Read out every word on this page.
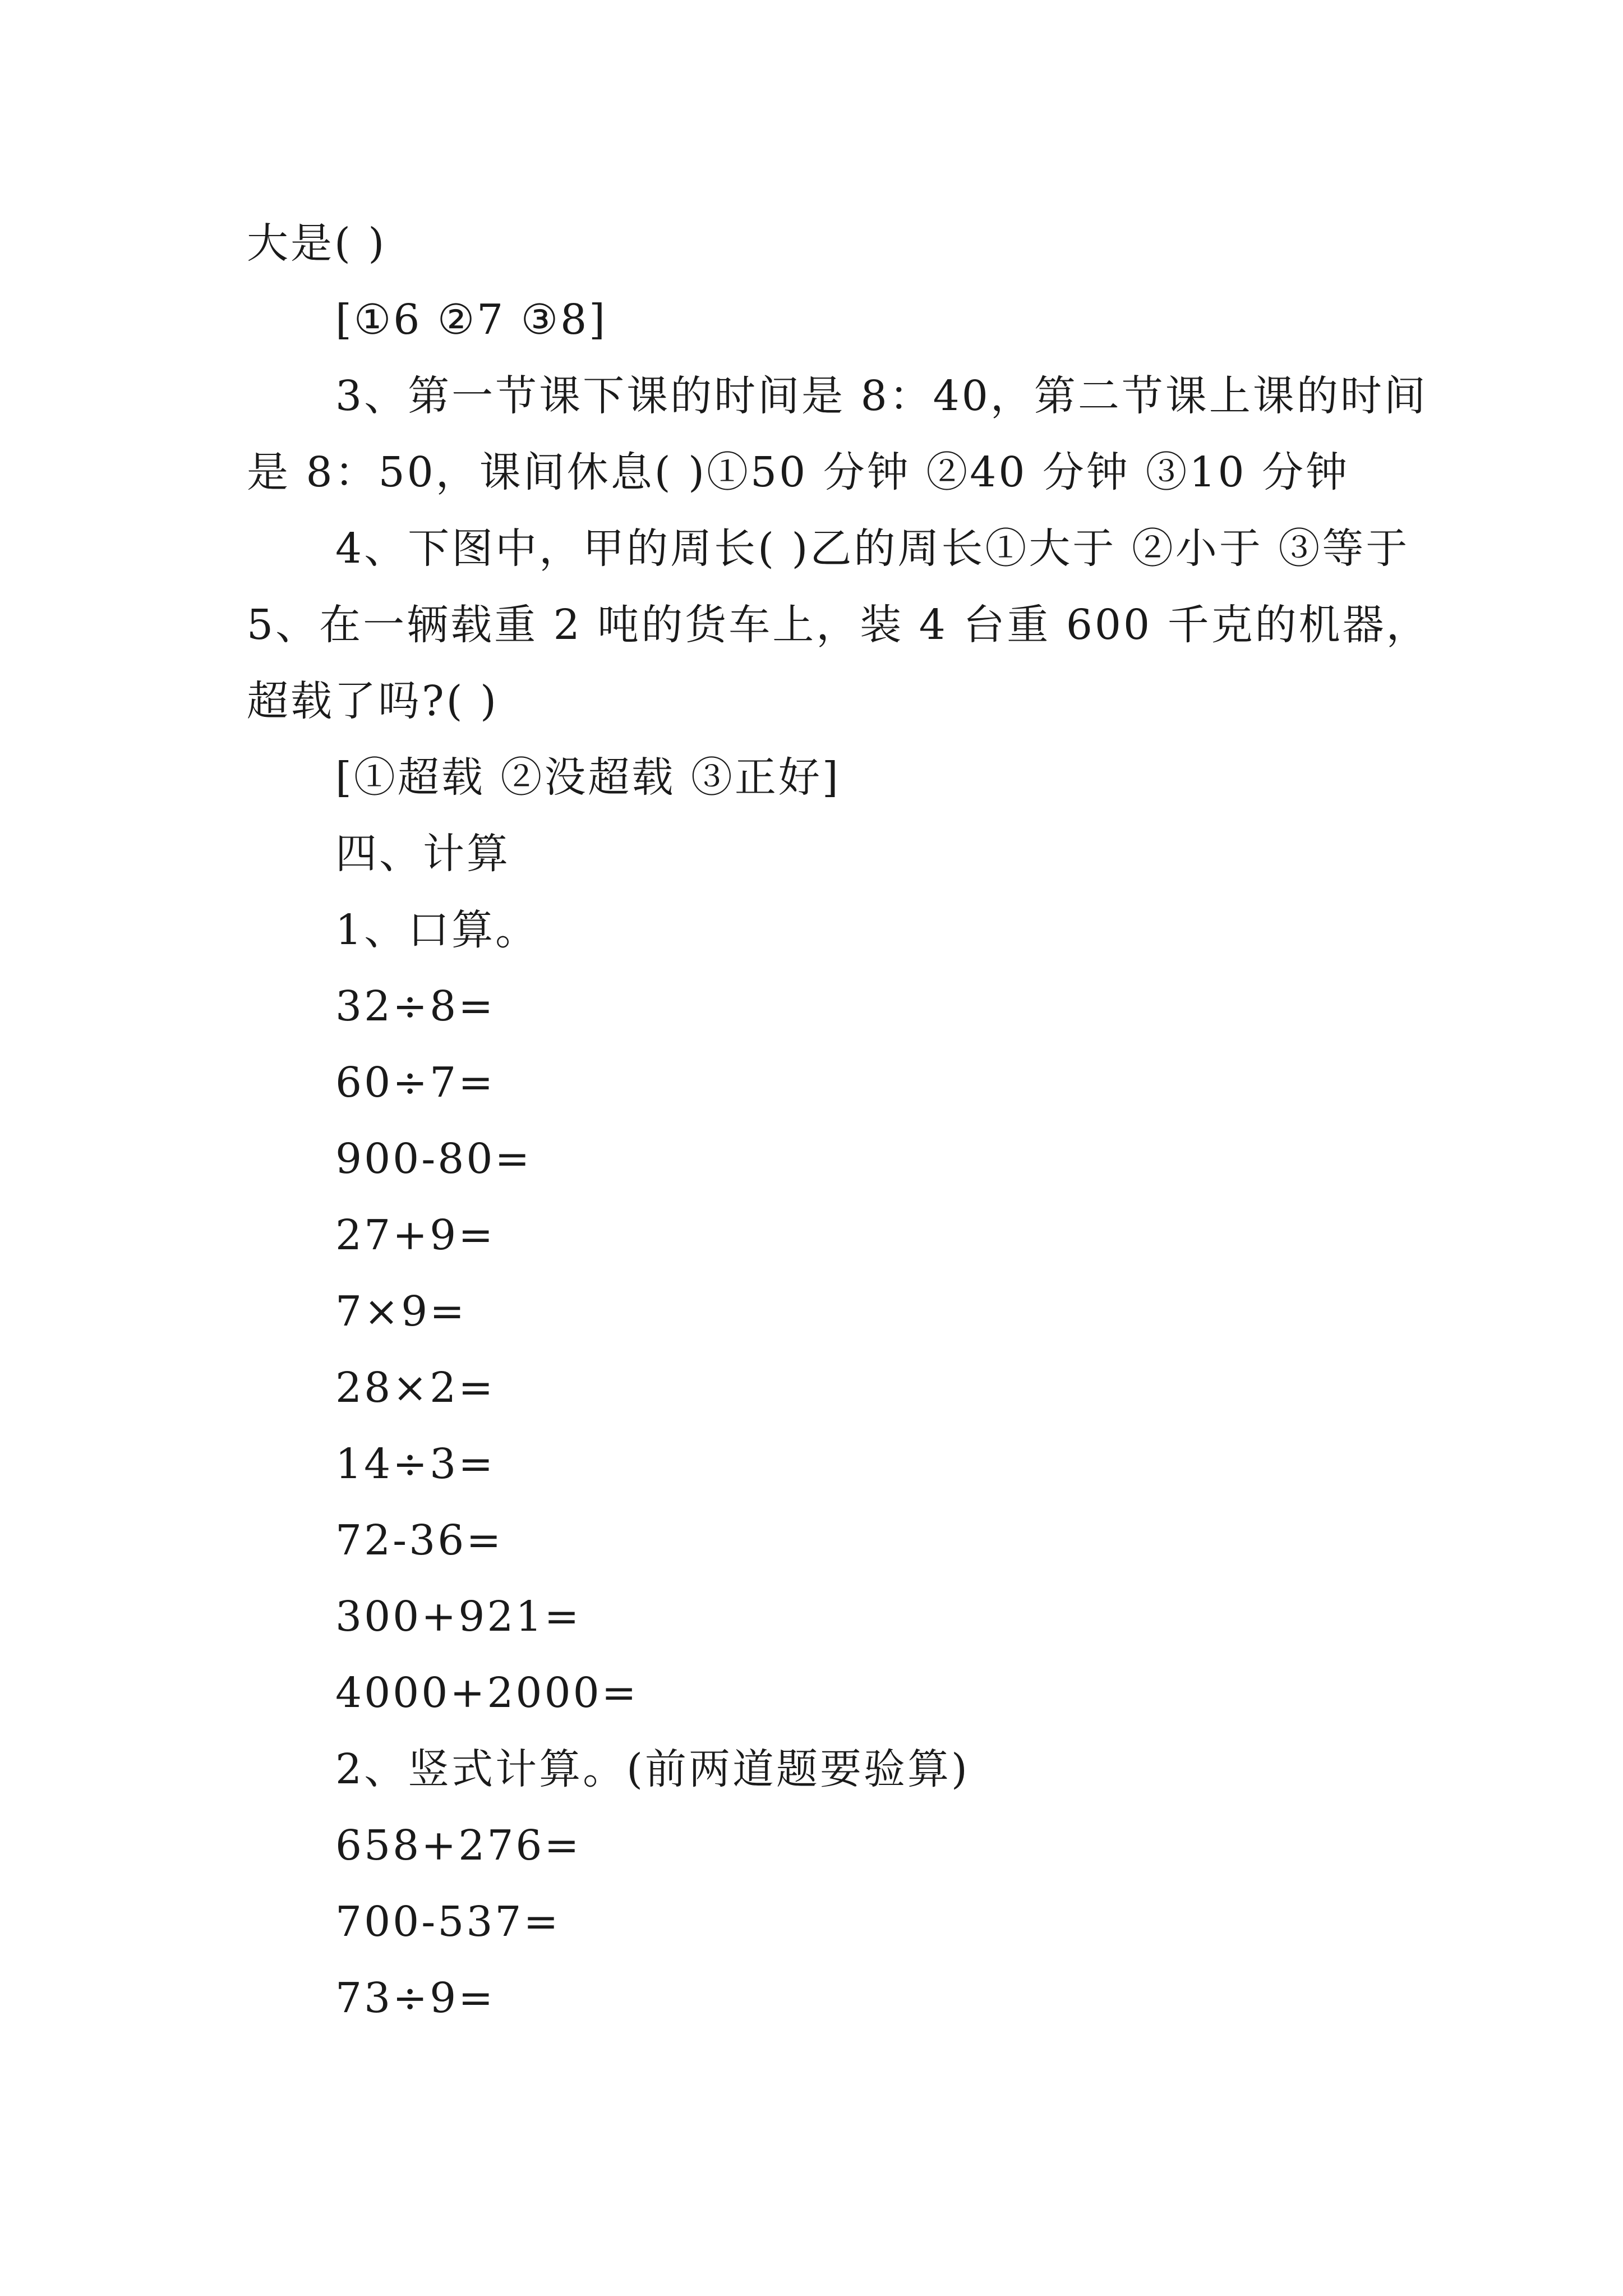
大是( )
[①6 ②7 ③8]
3、第一节课下课的时间是 8：40，第二节课上课的时间
是 8：50，课间休息( )①50 分钟 ②40 分钟 ③10 分钟
4、下图中，甲的周长( )乙的周长①大于 ②小于 ③等于
5、在一辆载重 2 吨的货车上，装 4 台重 600 千克的机器，
超载了吗?( )
[①超载 ②没超载 ③正好]
四、计算
1、口算。
32÷8=
60÷7=
900-80=
27+9=
7×9=
28×2=
14÷3=
72-36=
300+921=
4000+2000=
2、竖式计算。(前两道题要验算)
658+276=
700-537=
73÷9=
